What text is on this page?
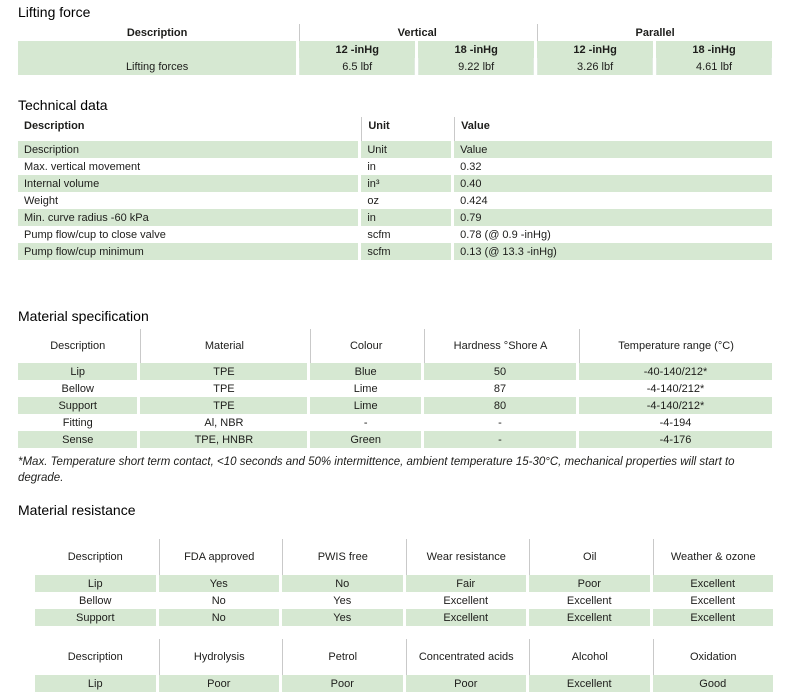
Lifting force
Description	Vertical		Parallel	
	12 -inHg	18 -inHg	12 -inHg	18 -inHg
Lifting forces	6.5 lbf	9.22 lbf	3.26 lbf	4.61 lbf
Technical data
Description	Unit	Value
Description	Unit	Value
Max. vertical movement	in	0.32
Internal volume	in³	0.40
Weight	oz	0.424
Min. curve radius -60 kPa	in	0.79
Pump flow/cup to close valve	scfm	0.78 (@ 0.9 -inHg)
Pump flow/cup minimum	scfm	0.13 (@ 13.3 -inHg)
Material specification
Description	Material	Colour	Hardness °Shore A	Temperature range (°C)
Lip	TPE	Blue	50	-40-140/212*
Bellow	TPE	Lime	87	-4-140/212*
Support	TPE	Lime	80	-4-140/212*
Fitting	Al, NBR	-	-	-4-194
Sense	TPE, HNBR	Green	-	-4-176
*Max. Temperature short term contact, <10 seconds and 50% intermittence, ambient temperature 15-30°C, mechanical properties will start to degrade.
Material resistance
Description	FDA approved	PWIS free	Wear resistance	Oil	Weather & ozone
Lip	Yes	No	Fair	Poor	Excellent
Bellow	No	Yes	Excellent	Excellent	Excellent
Support	No	Yes	Excellent	Excellent	Excellent
Description	Hydrolysis	Petrol	Concentrated acids	Alcohol	Oxidation
Lip	Poor	Poor	Poor	Excellent	Good
